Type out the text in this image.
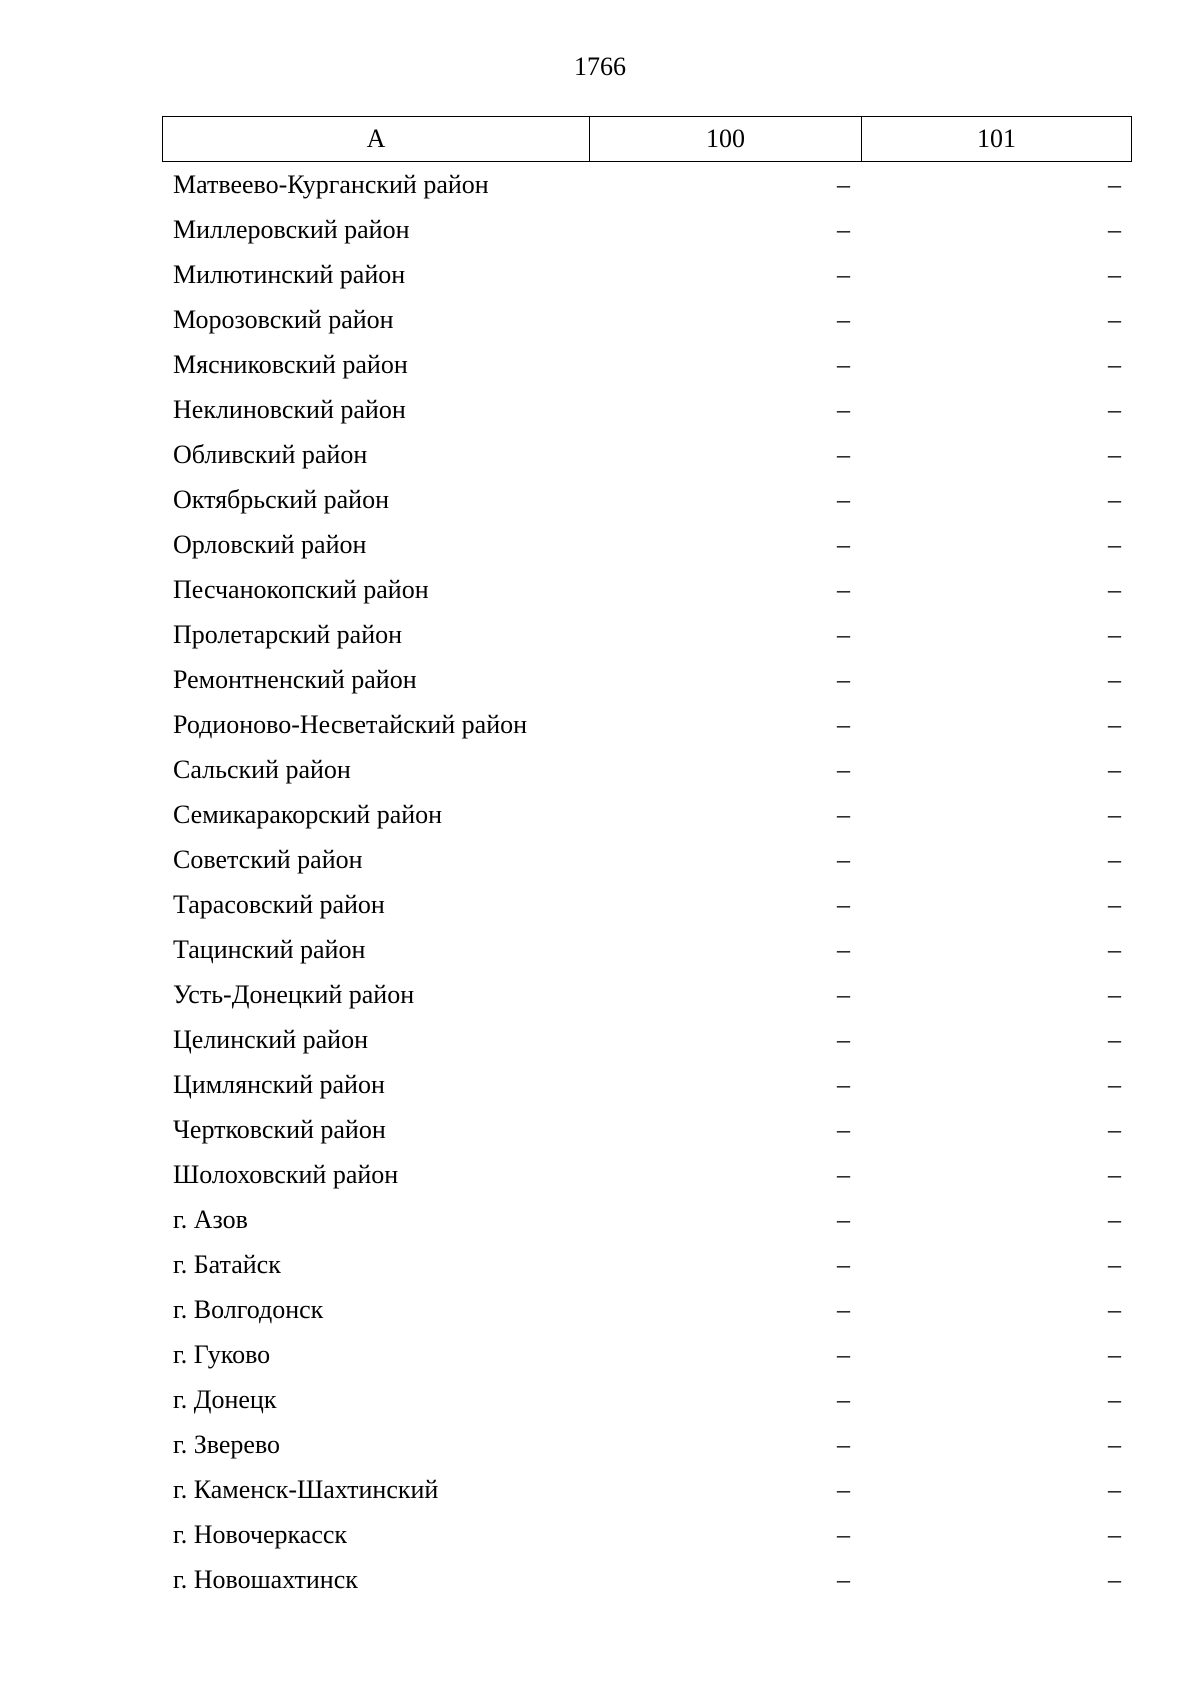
1766
А	100	101
Матвеево-Курганский район	–	–
Миллеровский район	–	–
Милютинский район	–	–
Морозовский район	–	–
Мясниковский район	–	–
Неклиновский район	–	–
Обливский район	–	–
Октябрьский район	–	–
Орловский район	–	–
Песчанокопский район	–	–
Пролетарский район	–	–
Ремонтненский район	–	–
Родионово-Несветайский район	–	–
Сальский район	–	–
Семикаракорский район	–	–
Советский район	–	–
Тарасовский район	–	–
Тацинский район	–	–
Усть-Донецкий район	–	–
Целинский район	–	–
Цимлянский район	–	–
Чертковский район	–	–
Шолоховский район	–	–
г. Азов	–	–
г. Батайск	–	–
г. Волгодонск	–	–
г. Гуково	–	–
г. Донецк	–	–
г. Зверево	–	–
г. Каменск-Шахтинский	–	–
г. Новочеркасск	–	–
г. Новошахтинск	–	–
